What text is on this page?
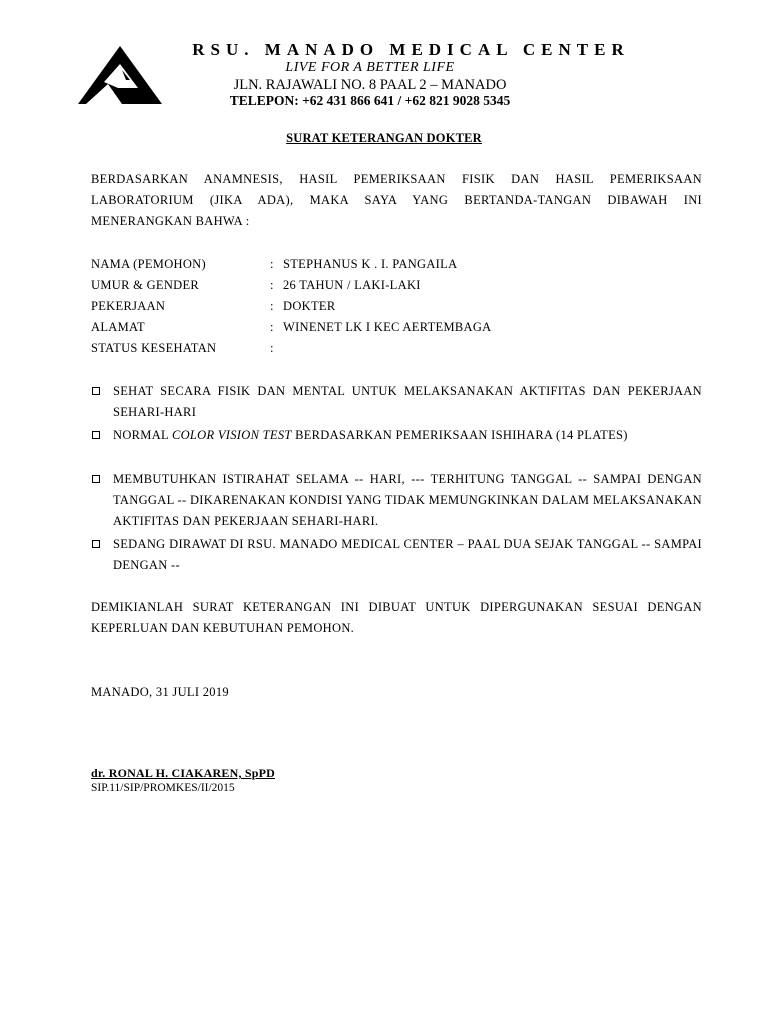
RSU. MANADO MEDICAL CENTER
LIVE FOR A BETTER LIFE
JLN. RAJAWALI NO. 8 PAAL 2 – MANADO
TELEPON: +62 431 866 641 / +62 821 9028 5345
SURAT KETERANGAN DOKTER
BERDASARKAN ANAMNESIS, HASIL PEMERIKSAAN FISIK DAN HASIL PEMERIKSAAN LABORATORIUM (JIKA ADA), MAKA SAYA YANG BERTANDA-TANGAN DIBAWAH INI MENERANGKAN BAHWA :
NAMA (PEMOHON)	: STEPHANUS K . I. PANGAILA
UMUR & GENDER	: 26 TAHUN / LAKI-LAKI
PEKERJAAN	: DOKTER
ALAMAT	: WINENET LK I KEC AERTEMBAGA
STATUS KESEHATAN	:
SEHAT SECARA FISIK DAN MENTAL UNTUK MELAKSANAKAN AKTIFITAS DAN PEKERJAAN SEHARI-HARI
NORMAL COLOR VISION TEST BERDASARKAN PEMERIKSAAN ISHIHARA (14 PLATES)
MEMBUTUHKAN ISTIRAHAT SELAMA -- HARI, --- TERHITUNG TANGGAL -- SAMPAI DENGAN TANGGAL -- DIKARENAKAN KONDISI YANG TIDAK MEMUNGKINKAN DALAM MELAKSANAKAN AKTIFITAS DAN PEKERJAAN SEHARI-HARI.
SEDANG DIRAWAT DI RSU. MANADO MEDICAL CENTER – PAAL DUA SEJAK TANGGAL -- SAMPAI DENGAN --
DEMIKIANLAH SURAT KETERANGAN INI DIBUAT UNTUK DIPERGUNAKAN SESUAI DENGAN KEPERLUAN DAN KEBUTUHAN PEMOHON.
MANADO, 31 JULI 2019
dr. RONAL H. CIAKAREN, SpPD
SIP.11/SIP/PROMKES/II/2015
